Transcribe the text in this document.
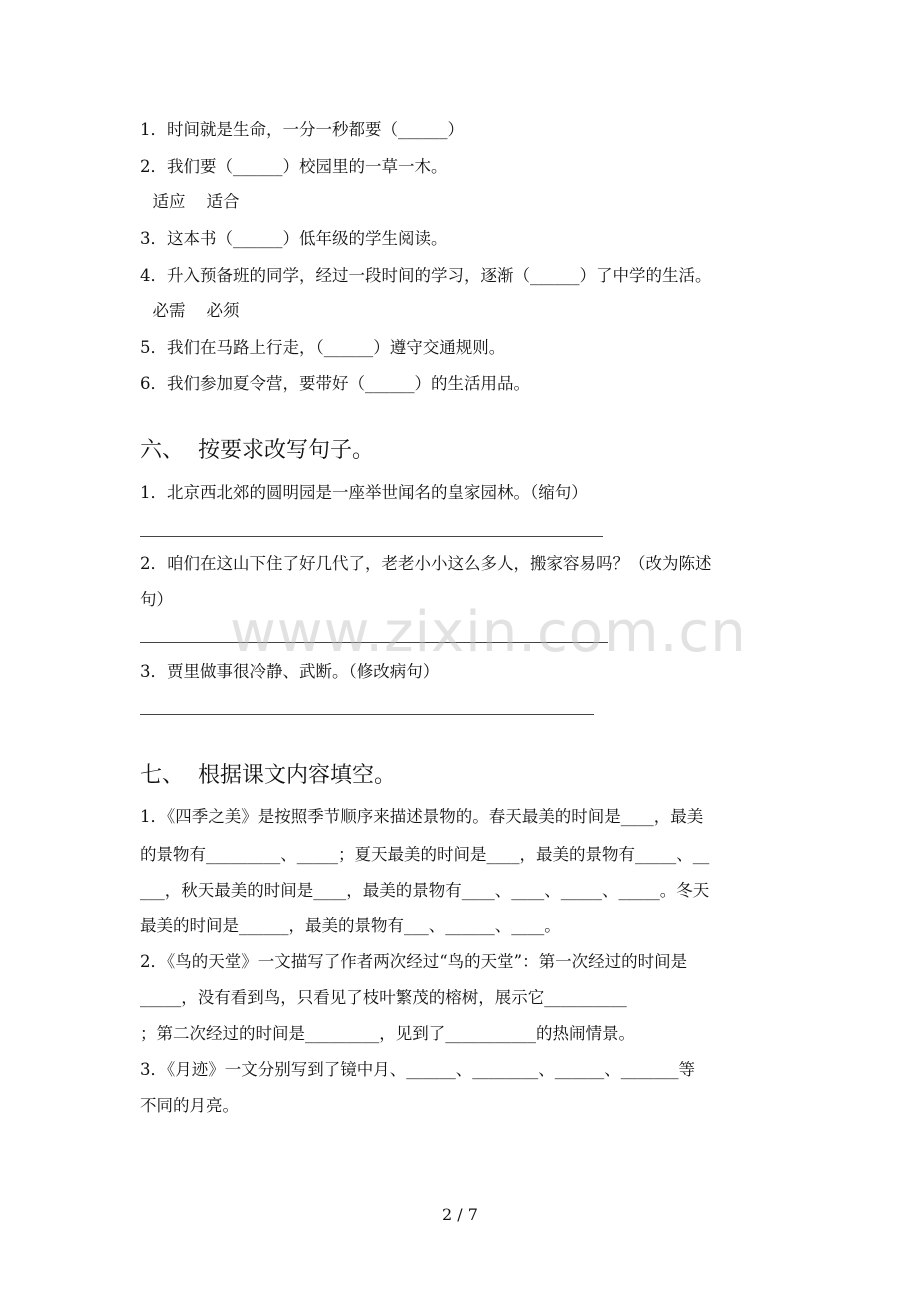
1．时间就是生命，一分一秒都要（______）
2．我们要（______）校园里的一草一木。
适应    适合
3．这本书（______）低年级的学生阅读。
4．升入预备班的同学，经过一段时间的学习，逐渐（______）了中学的生活。
必需    必须
5．我们在马路上行走，（______）遵守交通规则。
6．我们参加夏令营，要带好（______）的生活用品。
六、  按要求改写句子。
1．北京西北郊的圆明园是一座举世闻名的皇家园林。（缩句）
2．咱们在这山下住了好几代了，老老小小这么多人，搬家容易吗？（改为陈述
句）
3．贾里做事很冷静、武断。（修改病句）
七、  根据课文内容填空。
1．《四季之美》是按照季节顺序来描述景物的。春天最美的时间是____，最美
的景物有_________、_____；夏天最美的时间是____，最美的景物有_____、__
___，秋天最美的时间是____，最美的景物有____、____、_____、_____。冬天
最美的时间是______，最美的景物有___、______、____。
2．《鸟的天堂》一文描写了作者两次经过“鸟的天堂”：第一次经过的时间是
_____，没有看到鸟，只看见了枝叶繁茂的榕树，展示它__________
；第二次经过的时间是_________，见到了___________的热闹情景。
3．《月迹》一文分别写到了镜中月、______、________、______、_______等
不同的月亮。
www.zixin.com.cn
2 / 7
